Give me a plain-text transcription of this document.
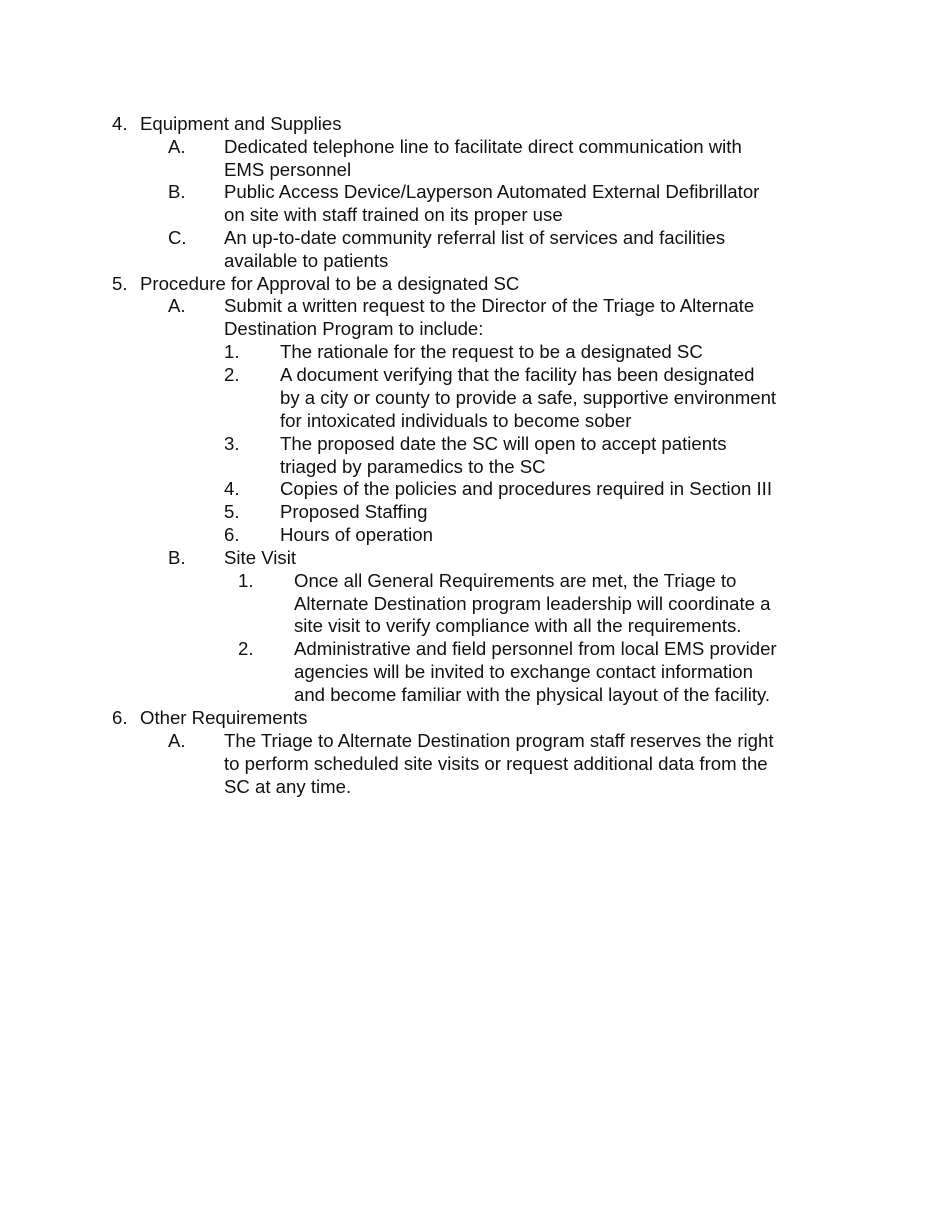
4. Equipment and Supplies
A. Dedicated telephone line to facilitate direct communication with
EMS personnel
B. Public Access Device/Layperson Automated External Defibrillator
on site with staff trained on its proper use
C. An up-to-date community referral list of services and facilities
available to patients
5. Procedure for Approval to be a designated SC
A. Submit a written request to the Director of the Triage to Alternate
Destination Program to include:
1. The rationale for the request to be a designated SC
2. A document verifying that the facility has been designated
by a city or county to provide a safe, supportive environment
for intoxicated individuals to become sober
3. The proposed date the SC will open to accept patients
triaged by paramedics to the SC
4. Copies of the policies and procedures required in Section III
5. Proposed Staffing
6. Hours of operation
B. Site Visit
1. Once all General Requirements are met, the Triage to
Alternate Destination program leadership will coordinate a
site visit to verify compliance with all the requirements.
2. Administrative and field personnel from local EMS provider
agencies will be invited to exchange contact information
and become familiar with the physical layout of the facility.
6. Other Requirements
A. The Triage to Alternate Destination program staff reserves the right
to perform scheduled site visits or request additional data from the
SC at any time.
